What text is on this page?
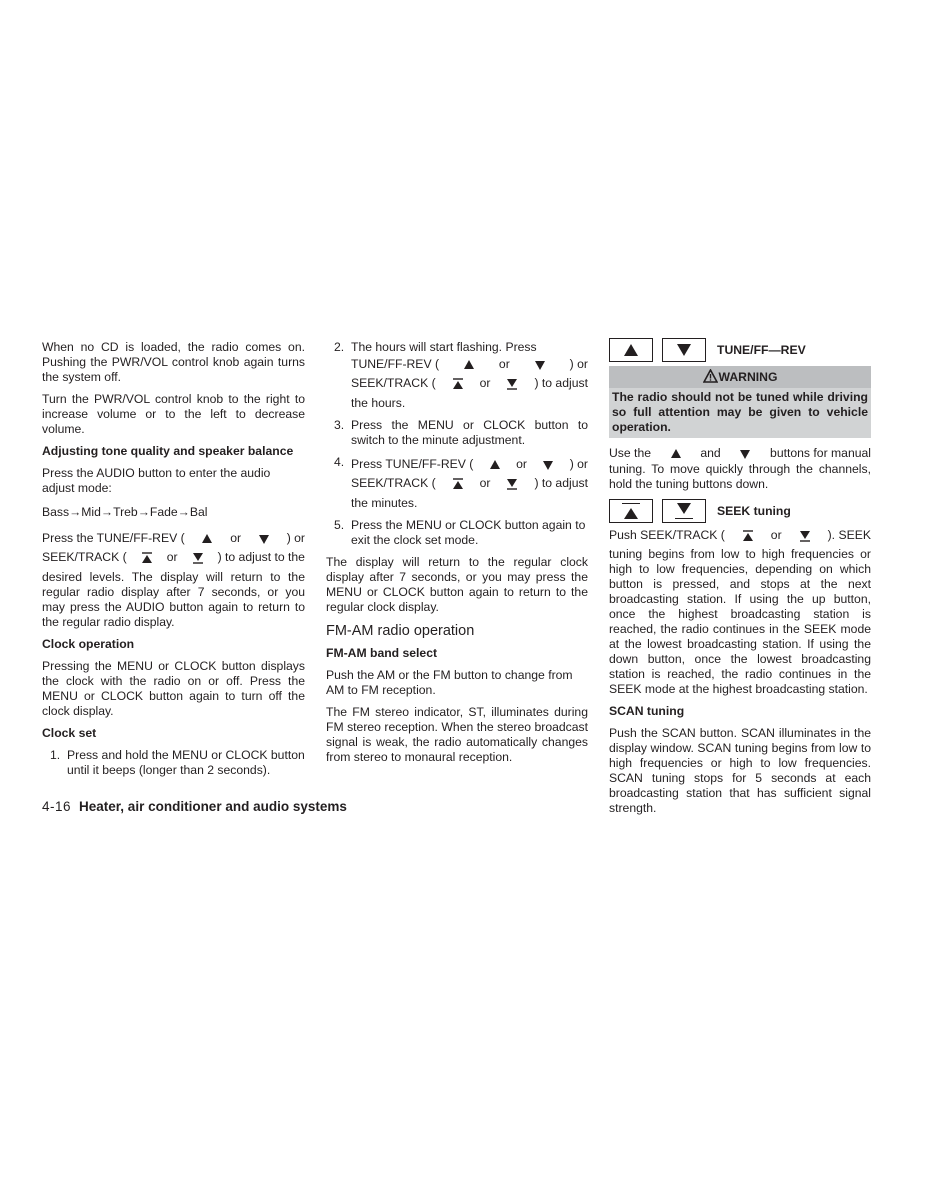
When no CD is loaded, the radio comes on. Pushing the PWR/VOL control knob again turns the system off.

Turn the PWR/VOL control knob to the right to increase volume or to the left to decrease volume.

Adjusting tone quality and speaker balance

Press the AUDIO button to enter the audio adjust mode:

Bass→Mid→Treb→Fade→Bal

Press the TUNE/FF-REV (	or	) or
SEEK/TRACK (	or	) to adjust to the

desired levels. The display will return to the regular radio display after 7 seconds, or you may press the AUDIO button again to return to the regular radio display.

Clock operation

Pressing the MENU or CLOCK button displays the clock with the radio on or off. Press the MENU or CLOCK button again to turn off the clock display.

Clock set
1. Press and hold the MENU or CLOCK button until it beeps (longer than 2 seconds).
2. The hours will start flashing. Press
TUNE/FF-REV (	or	) or
SEEK/TRACK (	or	) to adjust
the hours.
3. Press the MENU or CLOCK button to switch to the minute adjustment.
4. Press TUNE/FF-REV (	or	) or
SEEK/TRACK (	or	) to adjust
the minutes.
5. Press the MENU or CLOCK button again to exit the clock set mode.

The display will return to the regular clock display after 7 seconds, or you may press the MENU or CLOCK button again to return to the regular clock display.

FM-AM radio operation
FM-AM band select

Push the AM or the FM button to change from AM to FM reception.

The FM stereo indicator, ST, illuminates during FM stereo reception. When the stereo broadcast signal is weak, the radio automatically changes from stereo to monaural reception.

TUNE/FF—REV
WARNING
The radio should not be tuned while driving so full attention may be given to vehicle operation.
Use the	and	buttons for manual

tuning. To move quickly through the channels, hold the tuning buttons down.

SEEK tuning
Push SEEK/TRACK (	or	). SEEK

tuning begins from low to high frequencies or high to low frequencies, depending on which button is pressed, and stops at the next broadcasting station. If using the up button, once the highest broadcasting station is reached, the radio continues in the SEEK mode at the lowest broadcasting station. If using the down button, once the lowest broadcasting station is reached, the radio continues in the SEEK mode at the highest broadcasting station.

SCAN tuning

Push the SCAN button. SCAN illuminates in the display window. SCAN tuning begins from low to high frequencies or high to low frequencies. SCAN tuning stops for 5 seconds at each broadcasting station that has sufficient signal strength.

4-16 Heater, air conditioner and audio systems
